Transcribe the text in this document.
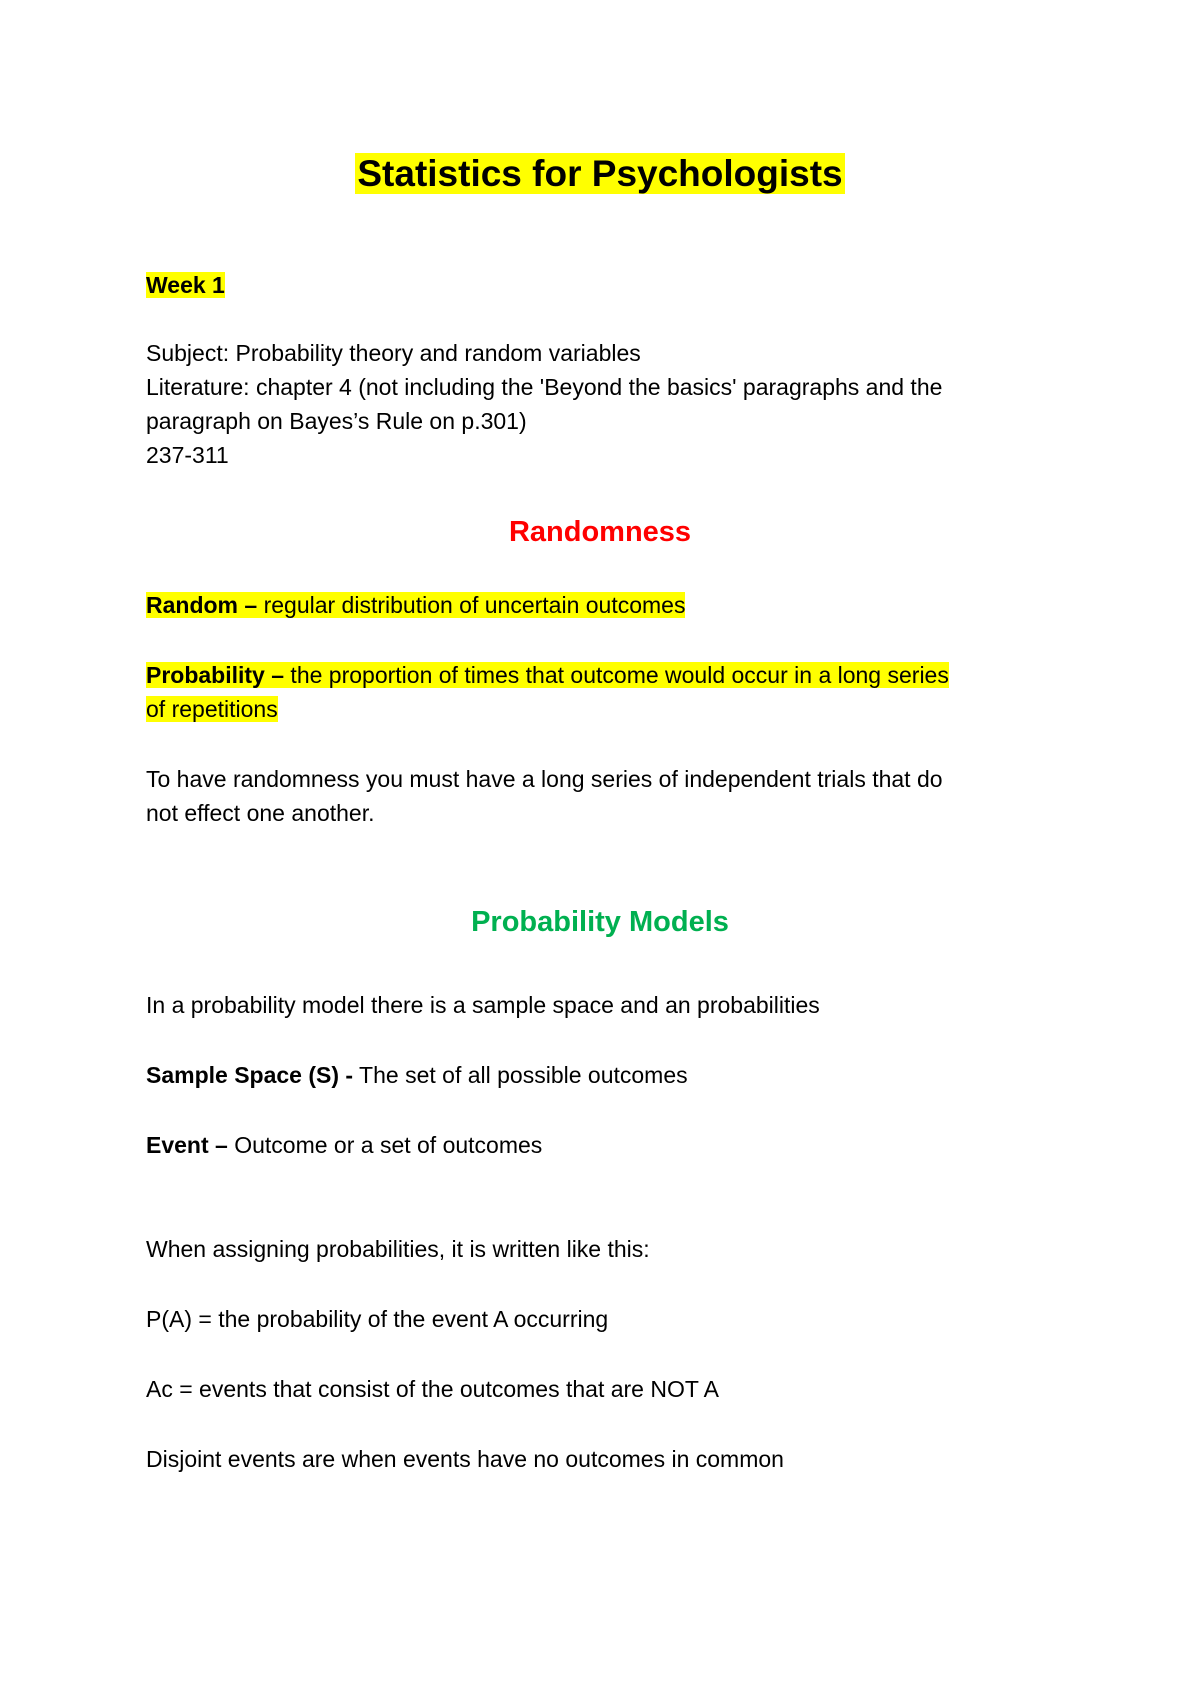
Statistics for Psychologists
Week 1
Subject: Probability theory and random variables
Literature: chapter 4 (not including the 'Beyond the basics' paragraphs and the
paragraph on Bayes’s Rule on p.301)
237-311
Randomness
Random – regular distribution of uncertain outcomes
Probability – the proportion of times that outcome would occur in a long series
of repetitions
To have randomness you must have a long series of independent trials that do
not effect one another.
Probability Models
In a probability model there is a sample space and an probabilities
Sample Space (S) - The set of all possible outcomes
Event – Outcome or a set of outcomes
When assigning probabilities, it is written like this:
P(A) = the probability of the event A occurring
Ac = events that consist of the outcomes that are NOT A
Disjoint events are when events have no outcomes in common
